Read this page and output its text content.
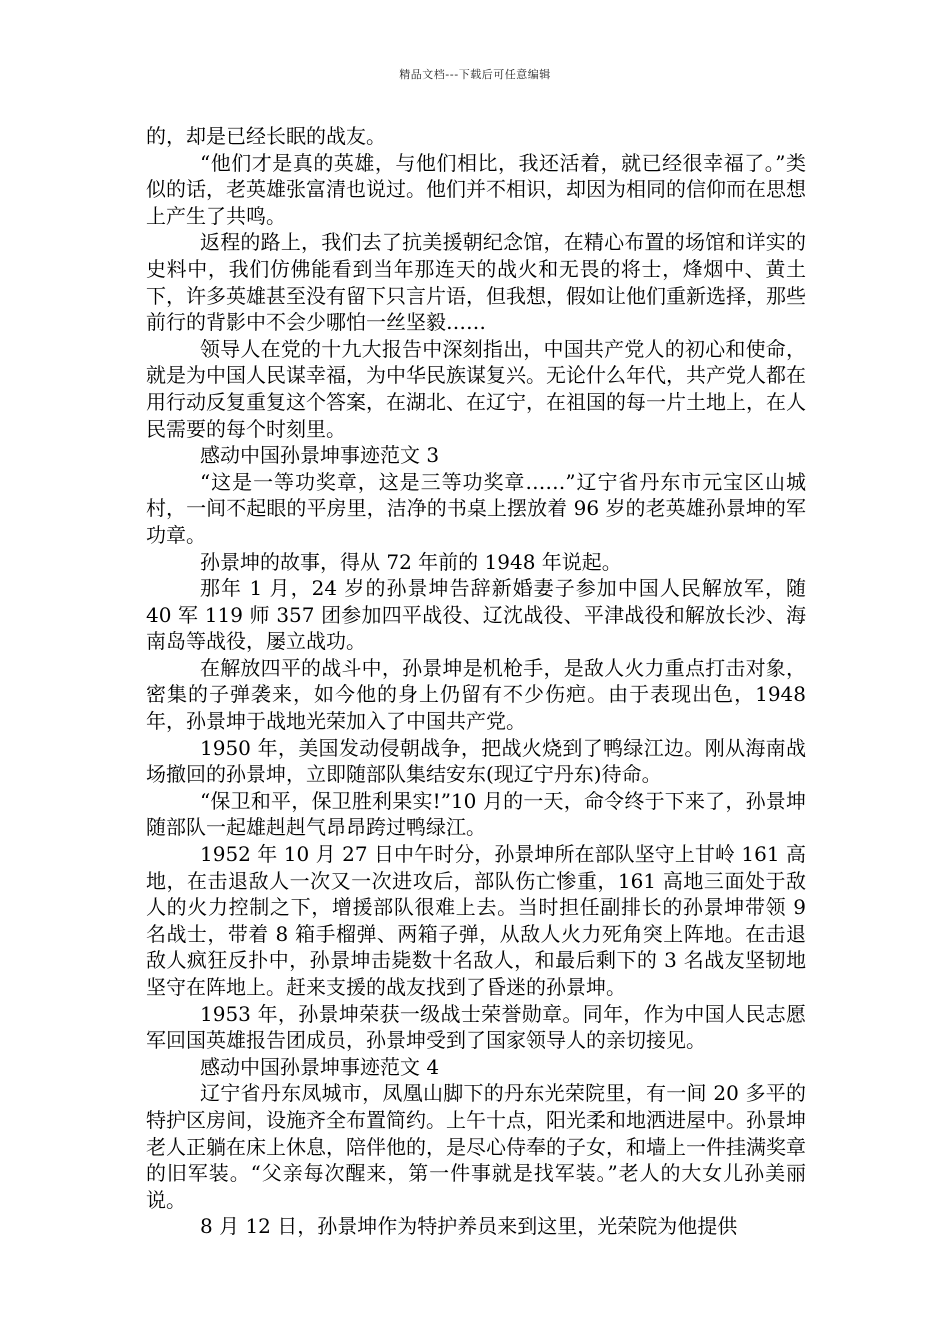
精品文档---下载后可任意编辑

的，却是已经长眠的战友。

“他们才是真的英雄，与他们相比，我还活着，就已经很幸福了。”类似的话，老英雄张富清也说过。他们并不相识，却因为相同的信仰而在思想上产生了共鸣。

返程的路上，我们去了抗美援朝纪念馆，在精心布置的场馆和详实的史料中，我们仿佛能看到当年那连天的战火和无畏的将士，烽烟中、黄土下，许多英雄甚至没有留下只言片语，但我想，假如让他们重新选择，那些前行的背影中不会少哪怕一丝坚毅……

领导人在党的十九大报告中深刻指出，中国共产党人的初心和使命，就是为中国人民谋幸福，为中华民族谋复兴。无论什么年代，共产党人都在用行动反复重复这个答案，在湖北、在辽宁，在祖国的每一片土地上，在人民需要的每个时刻里。

感动中国孙景坤事迹范文 3

“这是一等功奖章，这是三等功奖章……”辽宁省丹东市元宝区山城村，一间不起眼的平房里，洁净的书桌上摆放着 96 岁的老英雄孙景坤的军功章。

孙景坤的故事，得从 72 年前的 1948 年说起。

那年 1 月，24 岁的孙景坤告辞新婚妻子参加中国人民解放军，随 40 军 119 师 357 团参加四平战役、辽沈战役、平津战役和解放长沙、海南岛等战役，屡立战功。

在解放四平的战斗中，孙景坤是机枪手，是敌人火力重点打击对象，密集的子弹袭来，如今他的身上仍留有不少伤疤。由于表现出色，1948 年，孙景坤于战地光荣加入了中国共产党。

1950 年，美国发动侵朝战争，把战火烧到了鸭绿江边。刚从海南战场撤回的孙景坤，立即随部队集结安东(现辽宁丹东)待命。

“保卫和平，保卫胜利果实!”10 月的一天，命令终于下来了，孙景坤随部队一起雄赳赳气昂昂跨过鸭绿江。

1952 年 10 月 27 日中午时分，孙景坤所在部队坚守上甘岭 161 高地，在击退敌人一次又一次进攻后，部队伤亡惨重，161 高地三面处于敌人的火力控制之下，增援部队很难上去。当时担任副排长的孙景坤带领 9 名战士，带着 8 箱手榴弹、两箱子弹，从敌人火力死角突上阵地。在击退敌人疯狂反扑中，孙景坤击毙数十名敌人，和最后剩下的 3 名战友坚韧地坚守在阵地上。赶来支援的战友找到了昏迷的孙景坤。

1953 年，孙景坤荣获一级战士荣誉勋章。同年，作为中国人民志愿军回国英雄报告团成员，孙景坤受到了国家领导人的亲切接见。

感动中国孙景坤事迹范文 4

辽宁省丹东凤城市，凤凰山脚下的丹东光荣院里，有一间 20 多平的特护区房间，设施齐全布置简约。上午十点，阳光柔和地洒进屋中。孙景坤老人正躺在床上休息，陪伴他的，是尽心侍奉的子女，和墙上一件挂满奖章的旧军装。“父亲每次醒来，第一件事就是找军装。”老人的大女儿孙美丽说。

8 月 12 日，孙景坤作为特护养员来到这里，光荣院为他提供
